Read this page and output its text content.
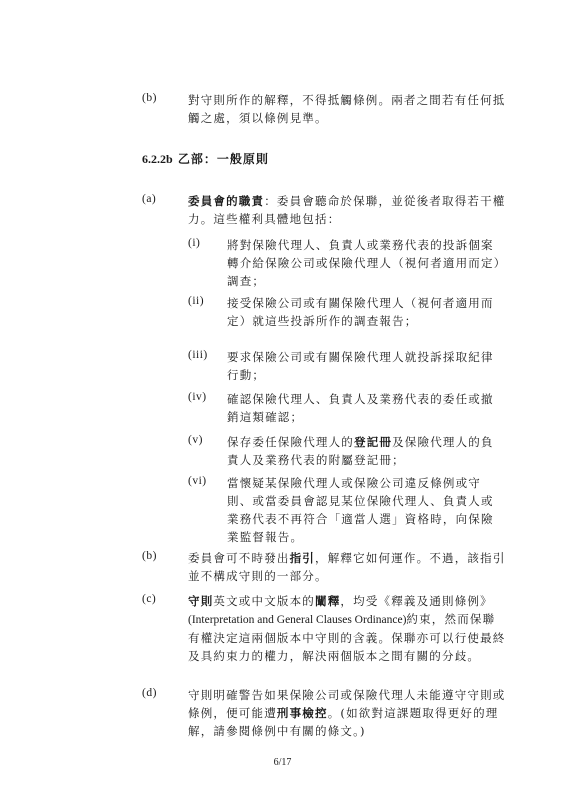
(b)	對守則所作的解釋，不得抵觸條例。兩者之間若有任何抵觸之處，須以條例⾒準。
6.2.2b 乙部：一般原則
(a)	委員會的職責：委員會聽命於保聯，並從後者取得若干權力。這些權利具體地包括：
(i) 將對保險代理人、負責人或業務代表的投訴個案轉介給保險公司或保險代理人（視何者適用而定）調查；
(ii) 接受保險公司或有關保險代理人（視何者適用而定）就這些投訴所作的調查報告；
(iii) 要求保險公司或有關保險代理人就投訴採取紀律行動；
(iv) 確認保險代理人、負責人及業務代表的委任或撤銷這類確認；
(v) 保存委任保險代理人的登記冊及保險代理人的負責人及業務代表的附屬登記冊；
(vi) 當懷疑某保險代理人或保險公司違反條例或守則、或當委員會認⾒某位保險代理人、負責人或業務代表不再符合「適當人選」資格時，向保險業監督報告。
(b)	委員會可不時發出指引，解釋它如何運作。不過，該指引並不構成守則的一部分。
(c)	守則英文或中文版本的闡釋，均受《釋義及通則條例》(Interpretation and General Clauses Ordinance)約束，然而保聯有權決定這兩個版本中守則的含義。保聯亦可以行使最終及具約束力的權力，解決兩個版本之間有關的分歧。
(d)	守則明確警告如果保險公司或保險代理人未能遵守守則或條例，便可能遭刑事檢控。(如欲對這課題取得更好的理解，請參閱條例中有關的條文。)
6/17
